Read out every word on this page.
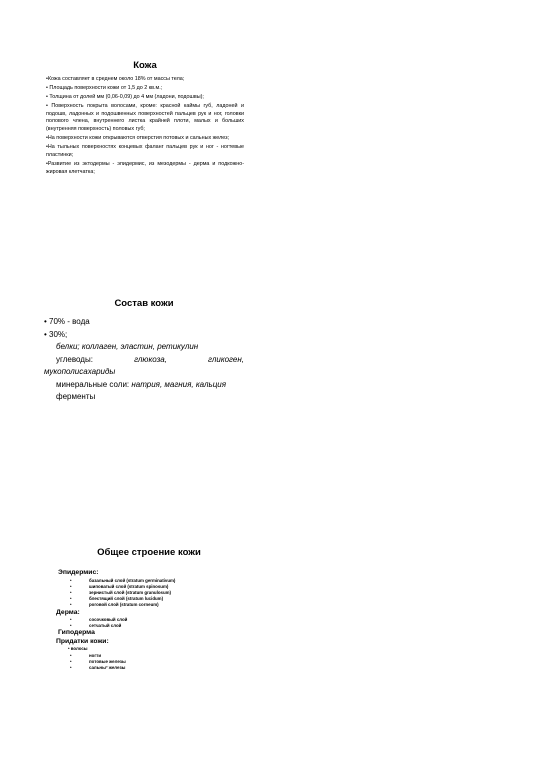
Кожа

•Кожа составляет в среднем около 18% от массы тела;

• Площадь поверхности кожи от 1,5 до 2 кв.м.;

• Толщина от долей мм (0,06-0,09) до 4 мм (ладони, подошвы);

• Поверхность покрыта волосами, кроме: красной каймы губ, ладоней и подошв, ладонных и подошвенных поверхностей пальцев рук и ног, головки полового члена, внутреннего листка крайней плоти, малых и больших (внутренняя поверхность) половых губ;

•На поверхности кожи открываются отверстия потовых и сальных желез;

•На тыльных поверхностях концевых фаланг пальцев рук и ног - ногтевые пластинки;

•Развитие из эктодермы - эпидермис, из мезодермы - дерма и подкожно-жировая клетчатка;

Состав кожи
• 70% - вода
• 30%;
белки; коллаген, эластин, ретикулин
углеводы:	глюкоза,	гликоген,
мукополисахариды
минеральные соли: натрия, магния, кальция
ферменты
Общее строение кожи
Эпидермис:
• базальный слой (stratum germinativum)
• шиповатый слой (stratum spinosum)
• зернистый слой (stratum granulosum)
• блестящий слой (stratum lucidum)
• роговой слой (stratum corneum)
Дерма:
• сосочковый слой
• сетчатый слой
Гиподерма
Придатки кожи:
• волосы
• ногти
• потовые железы
• сальны° железы
